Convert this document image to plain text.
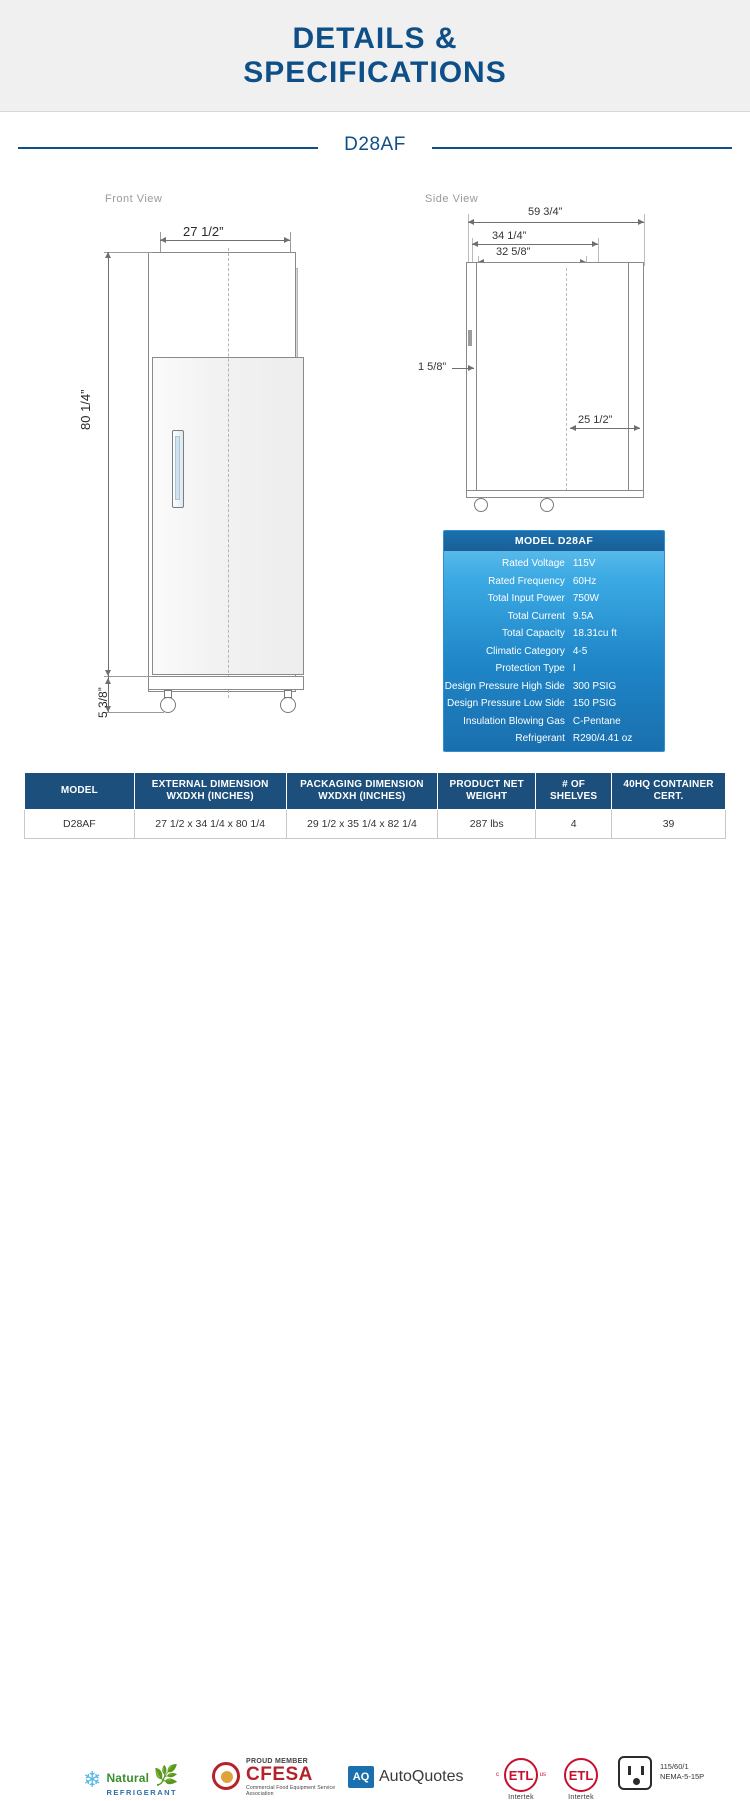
DETAILS &
SPECIFICATIONS
D28AF
Front View	Side View
27 1/2”
80 1/4”
5 3/8”
59 3/4”
34 1/4”
32 5/8”
1 5/8”
25 1/2”
MODEL D28AF
Rated Voltage 115V
Rated Frequency 60Hz
Total Input Power 750W
Total Current 9.5A
Total Capacity 18.31cu ft
Climatic Category 4-5
Protection Type I
Design Pressure High Side 300 PSIG
Design Pressure Low Side 150 PSIG
Insulation Blowing Gas C-Pentane
Refrigerant R290/4.41 oz
MODEL	EXTERNAL DIMENSION WXDXH (INCHES)	PACKAGING DIMENSION WXDXH (INCHES)	PRODUCT NET WEIGHT	# OF SHELVES	40HQ CONTAINER CERT.
D28AF	27 1/2 x 34 1/4 x 80 1/4	29 1/2 x 35 1/4 x 82 1/4	287 lbs	4	39
❄	Natural 🌿
REFRIGERANT
PROUD MEMBER
CFESA
Commercial Food Equipment Service Association
AQ AutoQuotes	c ETL	us
Intertek
ETL
Intertek
115/60/1
NEMA-5-15P
